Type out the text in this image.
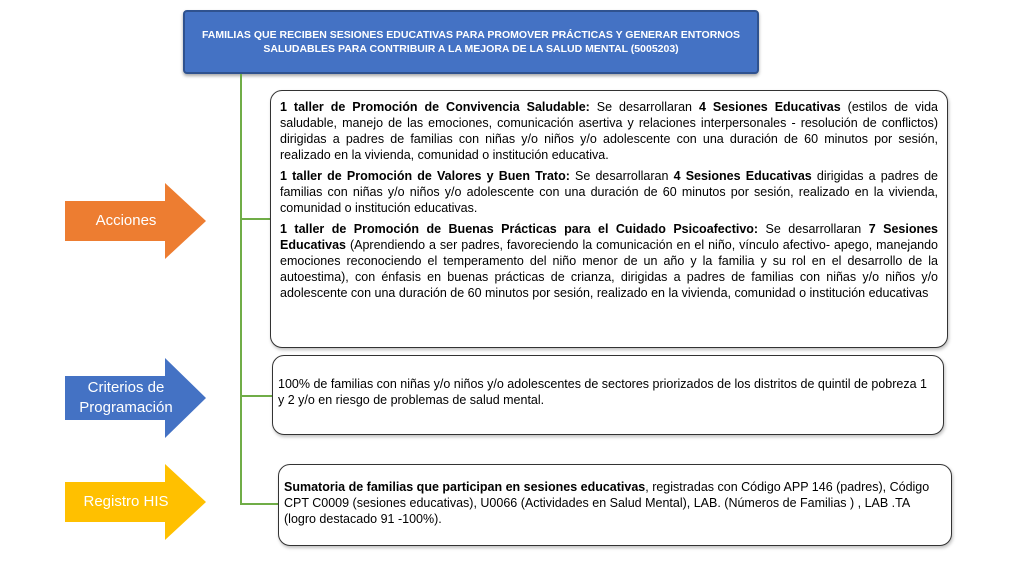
FAMILIAS QUE RECIBEN SESIONES EDUCATIVAS PARA PROMOVER PRÁCTICAS Y GENERAR ENTORNOS SALUDABLES PARA CONTRIBUIR A LA MEJORA DE LA SALUD MENTAL (5005203)
Acciones
Criterios de Programación
Registro HIS

1 taller de Promoción de Convivencia Saludable: Se desarrollaran 4 Sesiones Educativas (estilos de vida saludable, manejo de las emociones, comunicación asertiva y relaciones interpersonales - resolución de conflictos) dirigidas a padres de familias con niñas y/o niños y/o adolescente con una duración de 60 minutos por sesión, realizado en la vivienda, comunidad o institución educativa.

1 taller de Promoción de Valores y Buen Trato: Se desarrollaran 4 Sesiones Educativas dirigidas a padres de familias con niñas y/o niños y/o adolescente con una duración de 60 minutos por sesión, realizado en la vivienda, comunidad o institución educativas.

1 taller de Promoción de Buenas Prácticas para el Cuidado Psicoafectivo: Se desarrollaran 7 Sesiones Educativas (Aprendiendo a ser padres, favoreciendo la comunicación en el niño, vínculo afectivo- apego, manejando emociones reconociendo el temperamento del niño menor de un año y la familia y su rol en el desarrollo de la autoestima), con énfasis en buenas prácticas de crianza, dirigidas a padres de familias con niñas y/o niños y/o adolescente con una duración de 60 minutos por sesión, realizado en la vivienda, comunidad o institución educativas

100% de familias con niñas y/o niños y/o adolescentes de sectores priorizados de los distritos de quintil de pobreza 1 y 2 y/o en riesgo de problemas de salud mental.
Sumatoria de familias que participan en sesiones educativas, registradas con Código APP 146 (padres), Código CPT C0009 (sesiones educativas), U0066 (Actividades en Salud Mental), LAB. (Números de Familias ) , LAB .TA (logro destacado 91 -100%).
